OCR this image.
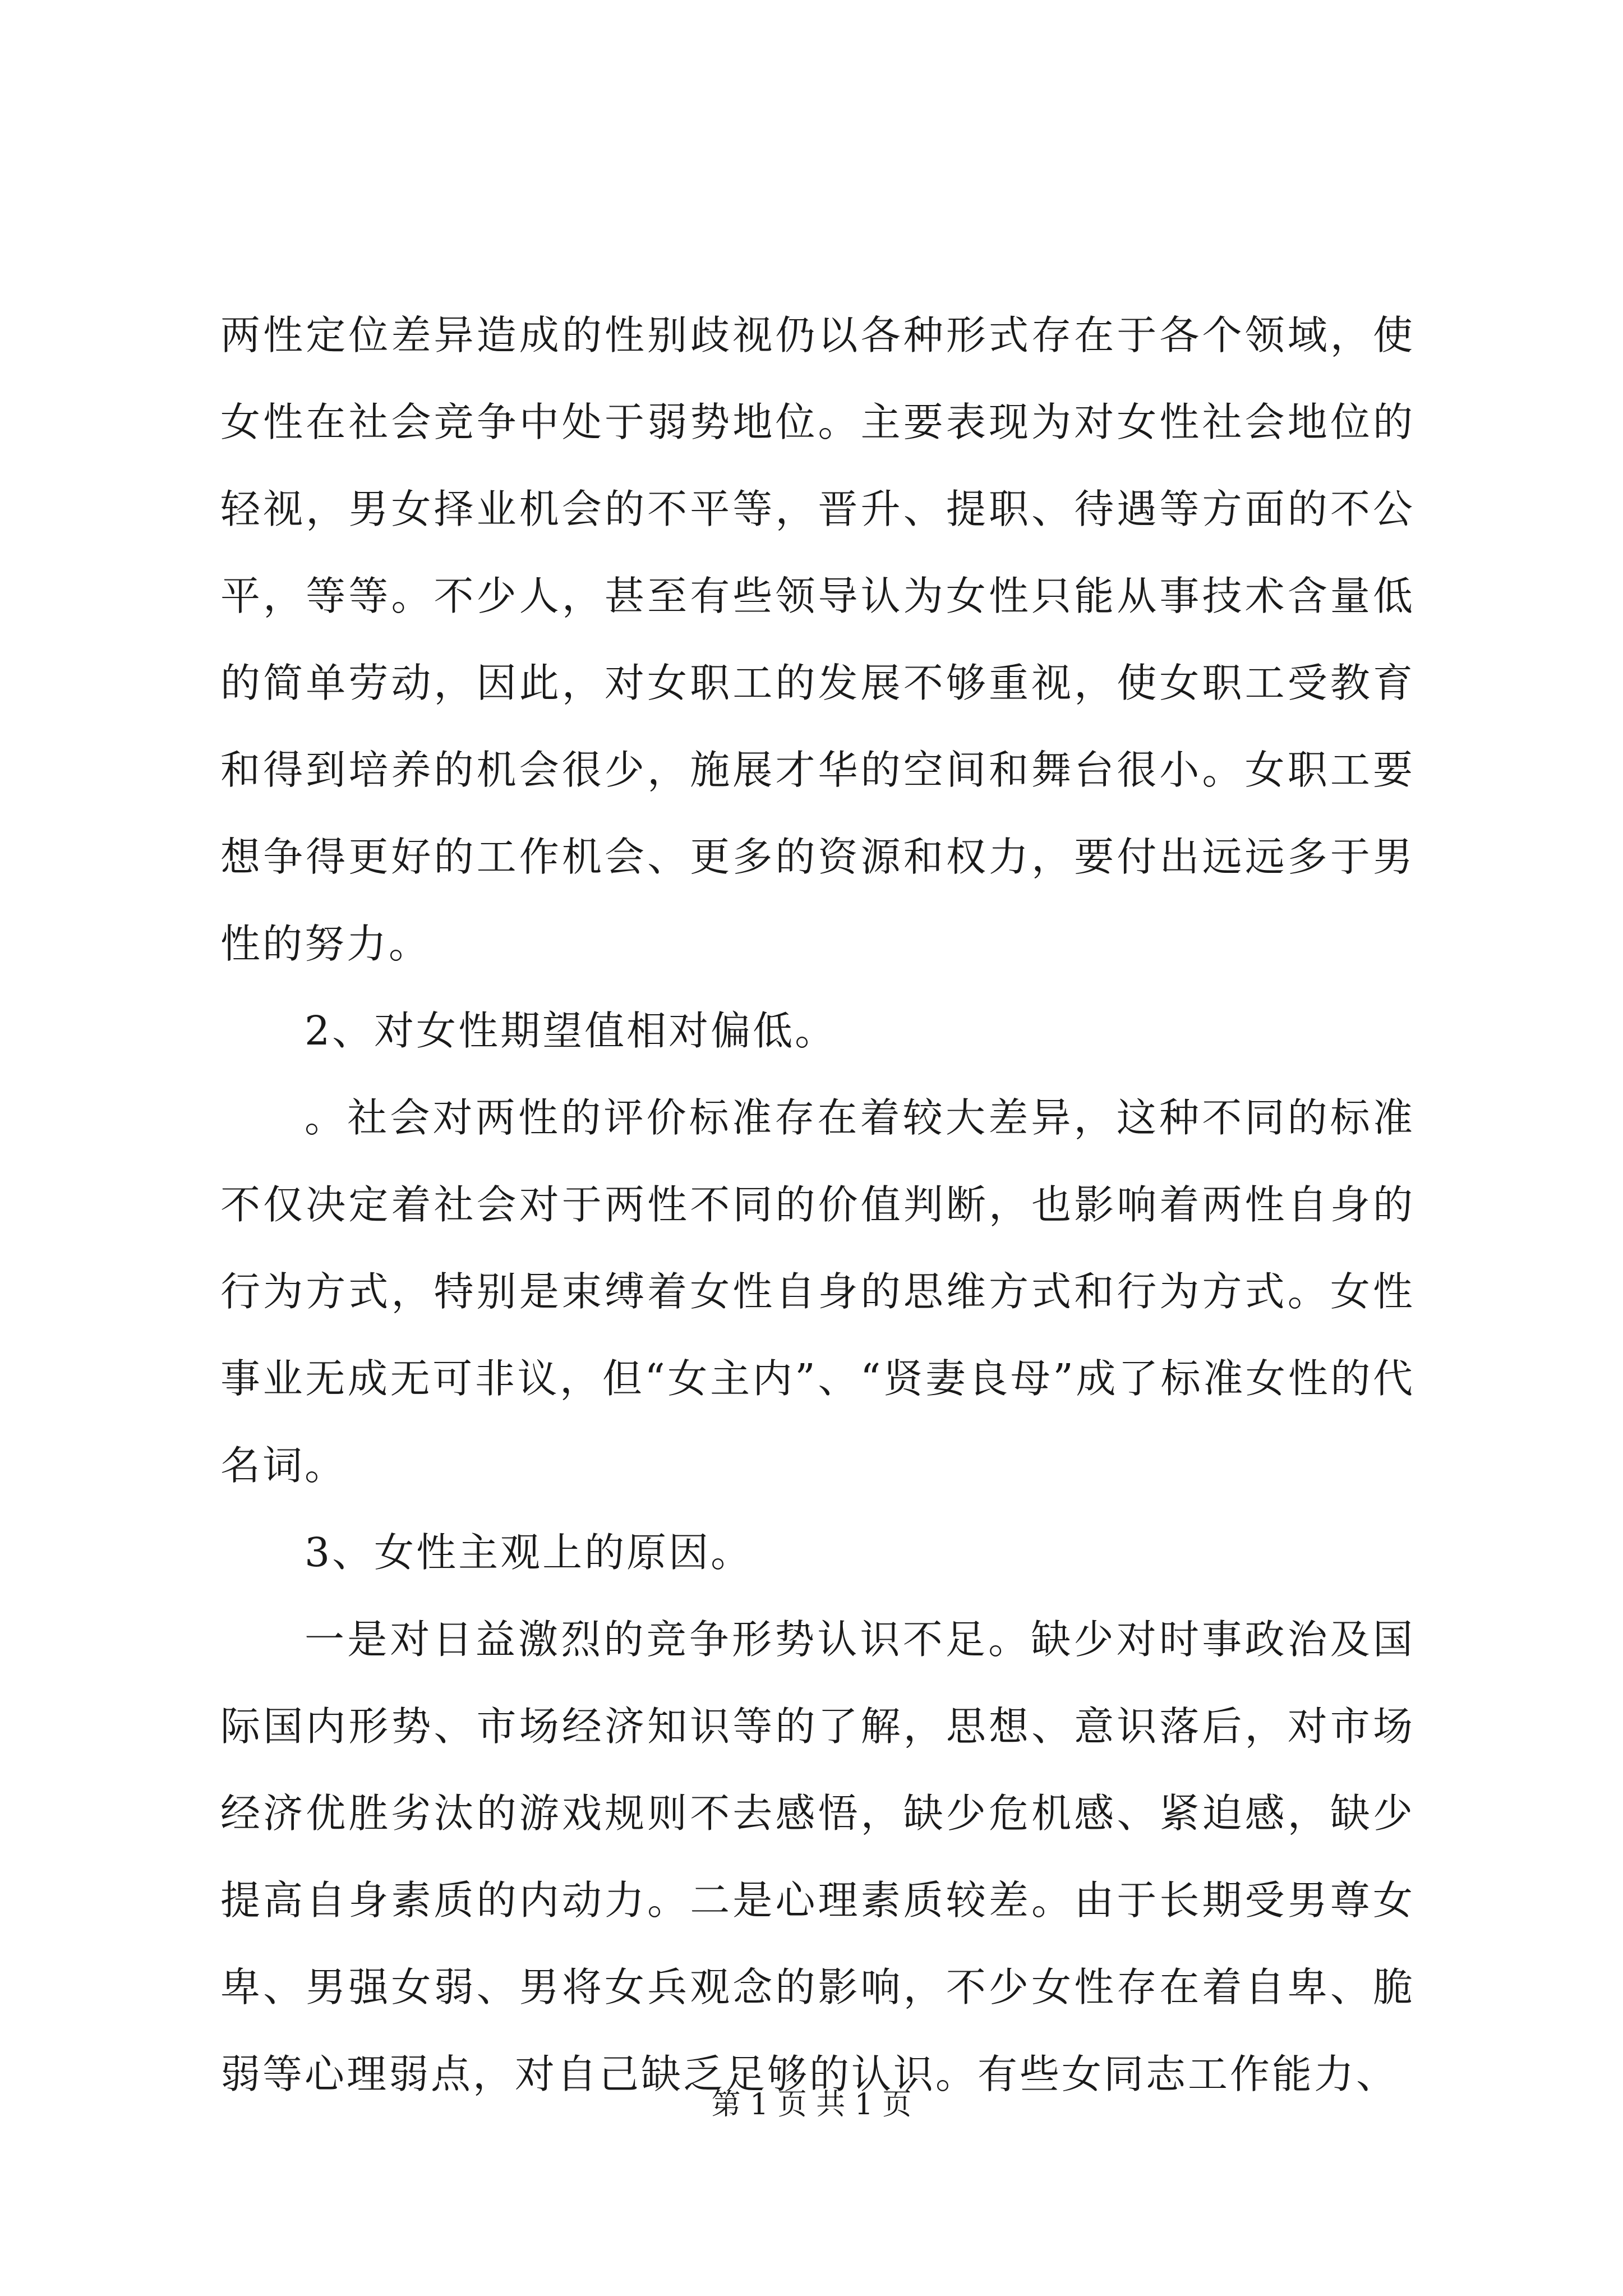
两性定位差异造成的性别歧视仍以各种形式存在于各个领域，使女性在社会竞争中处于弱势地位。主要表现为对女性社会地位的轻视，男女择业机会的不平等，晋升、提职、待遇等方面的不公平，等等。不少人，甚至有些领导认为女性只能从事技术含量低的简单劳动，因此，对女职工的发展不够重视，使女职工受教育和得到培养的机会很少，施展才华的空间和舞台很小。女职工要想争得更好的工作机会、更多的资源和权力，要付出远远多于男性的努力。

2、对女性期望值相对偏低。

。社会对两性的评价标准存在着较大差异，这种不同的标准不仅决定着社会对于两性不同的价值判断，也影响着两性自身的行为方式，特别是束缚着女性自身的思维方式和行为方式。女性事业无成无可非议，但“女主内”、“贤妻良母”成了标准女性的代名词。

3、女性主观上的原因。

一是对日益激烈的竞争形势认识不足。缺少对时事政治及国际国内形势、市场经济知识等的了解，思想、意识落后，对市场经济优胜劣汰的游戏规则不去感悟，缺少危机感、紧迫感，缺少提高自身素质的内动力。二是心理素质较差。由于长期受男尊女卑、男强女弱、男将女兵观念的影响，不少女性存在着自卑、脆弱等心理弱点，对自己缺乏足够的认识。有些女同志工作能力、

第 1 页 共 1 页
